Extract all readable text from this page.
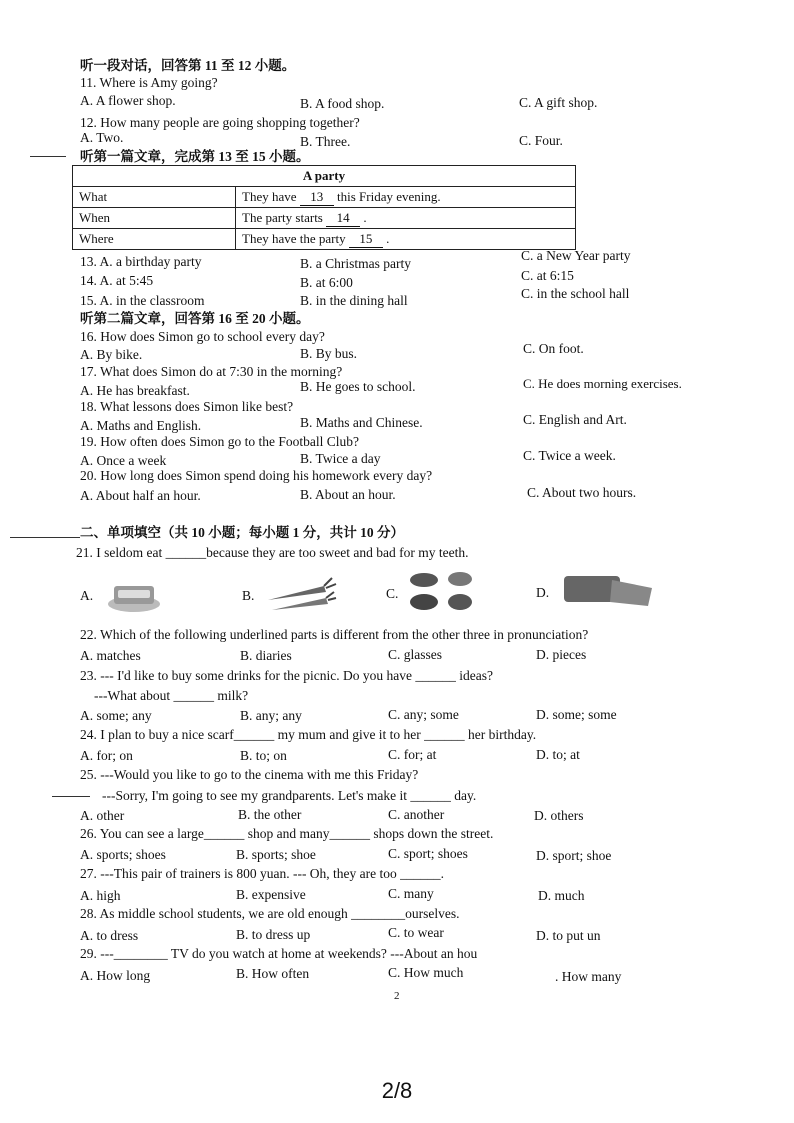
听一段对话，回答第 11 至 12 小题。
11. Where is Amy going?
A. A flower shop.	B. A food shop.	C. A gift shop.
12. How many people are going shopping together?
A. Two.	B. Three.	C. Four.
听第一篇文章，完成第 13 至 15 小题。
A party	
What	They have 13 this Friday evening.
When	The party starts 14 .
Where	They have the party 15 .
13. A. a birthday party	B. a Christmas party
C. a New Year party
14. A. at 5:45	B. at 6:00	C. at 6:15
15. A. in the classroom	B. in the dining hall	C. in the school hall
听第二篇文章，回答第 16 至 20 小题。
16. How does Simon go to school every day?
A. By bike.	B. By bus.	C. On foot.
17. What does Simon do at 7:30 in the morning?
A. He has breakfast.	B. He goes to school.	C. He does morning exercises.
18. What lessons does Simon like best?
A. Maths and English.	B. Maths and Chinese.	C. English and Art.
19. How often does Simon go to the Football Club?
A. Once a week	B. Twice a day	C. Twice a week.
20. How long does Simon spend doing his homework every day?
A. About half an hour.	B. About an hour.	C. About two hours.
二、单项填空（共 10 小题；每小题 1 分，共计 10 分）
21. I seldom eat ______because they are too sweet and bad for my teeth.
A.	B.	C.	D.
22. Which of the following underlined parts is different from the other three in pronunciation?
A. matches	B. diaries	C. glasses	D. pieces
23. --- I'd like to buy some drinks for the picnic. Do you have ______ ideas?
---What about ______ milk?
A. some; any	B. any; any	C. any; some	D. some; some
24. I plan to buy a nice scarf______ my mum and give it to her ______ her birthday.
A. for; on	B. to; on	C. for; at	D. to; at
25. ---Would you like to go to the cinema with me this Friday?
---Sorry, I'm going to see my grandparents. Let's make it ______ day.
A. other	B. the other	C. another	D. others
26. You can see a large______ shop and many______ shops down the street.
A. sports; shoes	B. sports; shoe	C. sport; shoes	D. sport; shoe
27. ---This pair of trainers is 800 yuan. --- Oh, they are too ______.
A. high	B. expensive	C. many	D. much
28. As middle school students, we are old enough ________ourselves.
A. to dress	B. to dress up	C. to wear	D. to put un
29. ---________ TV do you watch at home at weekends? ---About an hou
A. How long	B. How often	C. How much	. How many
2
2/8
